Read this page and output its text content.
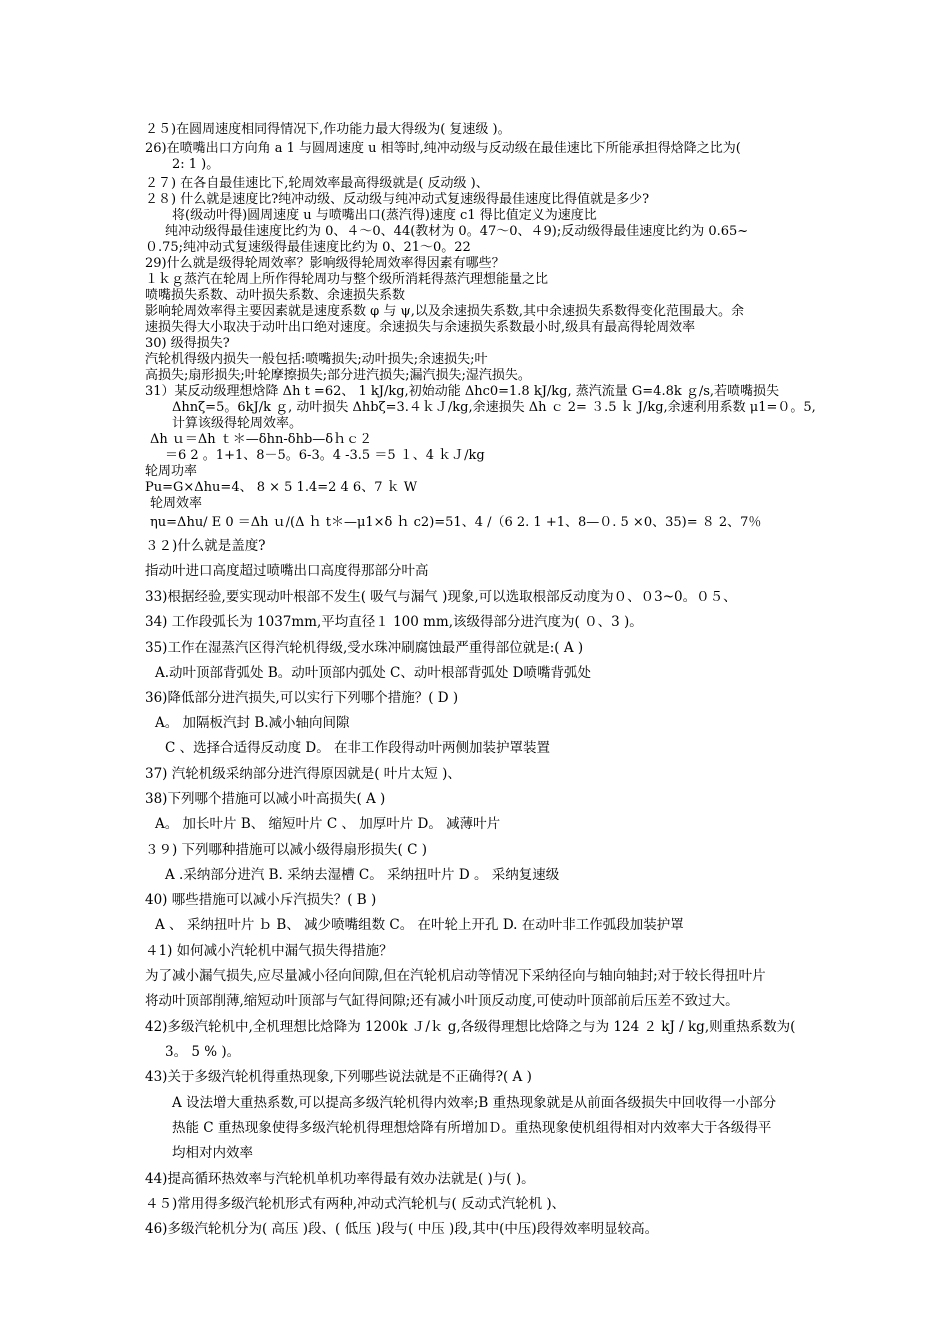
２５)在圆周速度相同得情况下,作功能力最大得级为( 复速级 )。
26)在喷嘴出口方向角 a 1 与圆周速度 u 相等时,纯冲动级与反动级在最佳速比下所能承担得焓降之比为(
2: 1 )。
２７) 在各自最佳速比下,轮周效率最高得级就是( 反动级 )、
２８) 什么就是速度比?纯冲动级、反动级与纯冲动式复速级得最佳速度比得值就是多少?
将(级动叶得)圆周速度 u 与喷嘴出口(蒸汽得)速度 c1 得比值定义为速度比
纯冲动级得最佳速度比约为 0、４～0、44(教材为 0。47～0、４9);反动级得最佳速度比约为 0.65~
０.75;纯冲动式复速级得最佳速度比约为 0、21～0。22
29)什么就是级得轮周效率？影响级得轮周效率得因素有哪些？
１ｋｇ蒸汽在轮周上所作得轮周功与整个级所消耗得蒸汽理想能量之比
喷嘴损失系数、动叶损失系数、余速损失系数
影响轮周效率得主要因素就是速度系数 φ 与 ψ,以及余速损失系数,其中余速损失系数得变化范围最大。余
速损失得大小取决于动叶出口绝对速度。余速损失与余速损失系数最小时,级具有最高得轮周效率
30) 级得损失?
汽轮机得级内损失一般包括:喷嘴损失;动叶损失;余速损失;叶
高损失;扇形损失;叶轮摩擦损失;部分进汽损失;漏汽损失;湿汽损失。
31）某反动级理想焓降 Δh t =62、 1 kJ/kg,初始动能 Δhc0=1.8 kJ/kg, 蒸汽流量 G=4.8k ｇ/s,若喷嘴损失
Δhnζ=5。6kJ/k ｇ, 动叶损失 Δhbζ=3.４ｋＪ/kg,余速损失 Δh ｃ 2= ３.5 ｋ J/kg,余速利用系数 μ1=０。5,
计算该级得轮周效率。
Δh ｕ＝Δh ｔ＊—δhn-δhb—δｈｃ２
＝6 2 。1+1、8－5。6-3。4 -3.5 ＝5 １、4 ｋＪ/kg
轮周功率
Pu=G×Δhu=4、 8 × 5 1.4=2 4 6、7 ｋ W
轮周效率
ηu=Δhu/ E 0 ＝Δh ｕ/(Δ ｈ t＊—μ1×δ ｈ c2)=51、4 /（6 2. 1 +1、8—０. 5 ×0、35)= ８ 2、7％
３２)什么就是盖度?
指动叶进口高度超过喷嘴出口高度得那部分叶高
33)根据经验,要实现动叶根部不发生( 吸气与漏气 )现象,可以选取根部反动度为０、０3~0。０５、
34) 工作段弧长为 1037mm,平均直径１ 100 mm,该级得部分进汽度为( ０、3 )。
35)工作在湿蒸汽区得汽轮机得级,受水珠冲刷腐蚀最严重得部位就是:( A )
A.动叶顶部背弧处 B。动叶顶部内弧处 C、动叶根部背弧处 D喷嘴背弧处
36)降低部分进汽损失,可以实行下列哪个措施？( D )
A。 加隔板汽封 B.减小轴向间隙
C 、选择合适得反动度 D。 在非工作段得动叶两侧加装护罩装置
37) 汽轮机级采纳部分进汽得原因就是( 叶片太短 )、
38)下列哪个措施可以减小叶高损失( A )
A。 加长叶片 B、 缩短叶片 C 、 加厚叶片 D。 减薄叶片
３９) 下列哪种措施可以减小级得扇形损失( C )
A .采纳部分进汽 B. 采纳去湿槽 C。 采纳扭叶片 D 。 采纳复速级
40) 哪些措施可以减小斥汽损失？( B )
A 、 采纳扭叶片 ｂ B、 减少喷嘴组数 C。 在叶轮上开孔 D. 在动叶非工作弧段加装护罩
４1) 如何减小汽轮机中漏气损失得措施？
为了减小漏气损失,应尽量减小径向间隙,但在汽轮机启动等情况下采纳径向与轴向轴封;对于较长得扭叶片
将动叶顶部削薄,缩短动叶顶部与气缸得间隙;还有减小叶顶反动度,可使动叶顶部前后压差不致过大。
42)多级汽轮机中,全机理想比焓降为 1200k Ｊ/ｋ g,各级得理想比焓降之与为 124 ２ kJ / kg,则重热系数为(
3。 5 % )。
43)关于多级汽轮机得重热现象,下列哪些说法就是不正确得?( A )
A 设法增大重热系数,可以提高多级汽轮机得内效率;B 重热现象就是从前面各级损失中回收得一小部分
热能 C 重热现象使得多级汽轮机得理想焓降有所增加Ｄ。重热现象使机组得相对内效率大于各级得平
均相对内效率
44)提高循环热效率与汽轮机单机功率得最有效办法就是( )与( )。
４５)常用得多级汽轮机形式有两种,冲动式汽轮机与( 反动式汽轮机 )、
46)多级汽轮机分为( 高压 )段、( 低压 )段与( 中压 )段,其中(中压)段得效率明显较高。
